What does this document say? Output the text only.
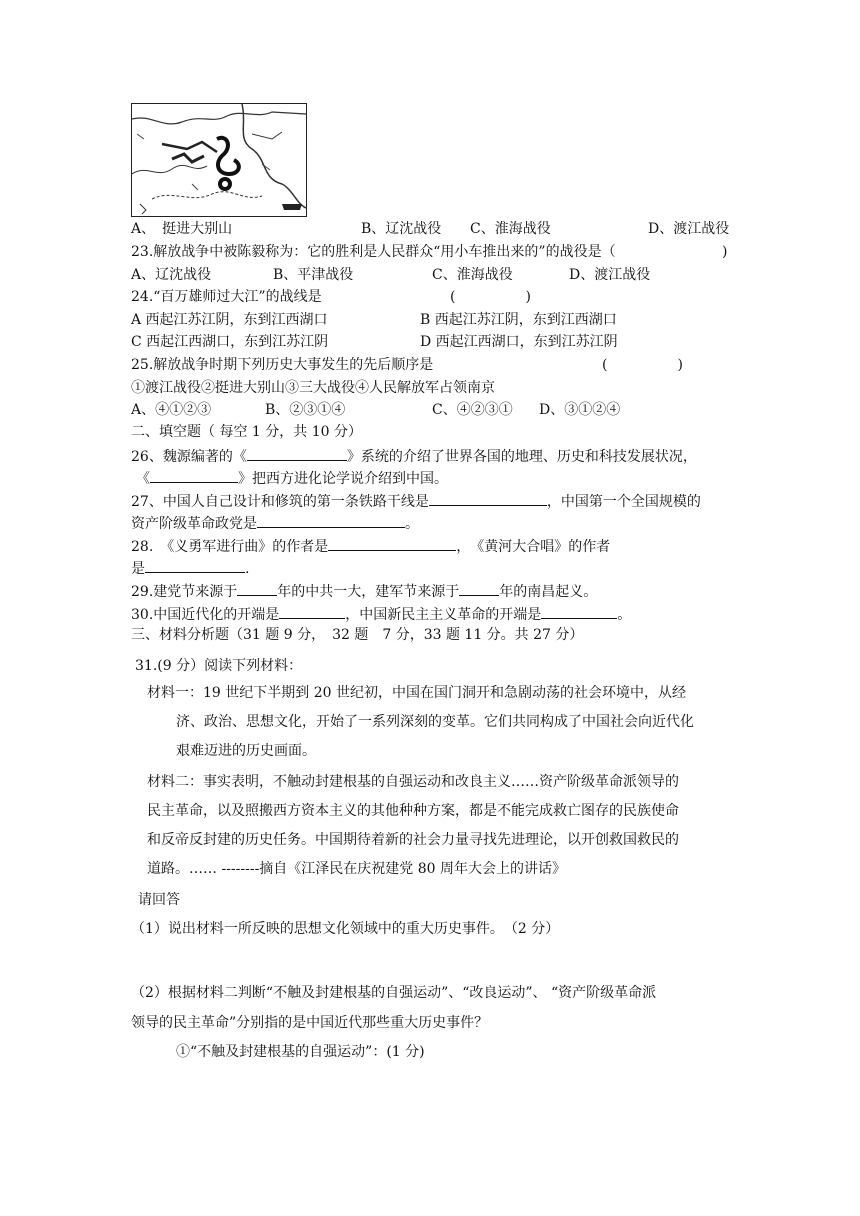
A、　挺进大别山	B、辽沈战役 C、淮海战役	D、渡江战役
23.解放战争中被陈毅称为：它的胜利是人民群众“用小车推出来的”的战役是（	)
A、辽沈战役	B、平津战役	C、淮海战役	D、渡江战役
24.“百万雄师过大江”的战线是	(　　　　　)
A 西起江苏江阴，东到江西湖口	B 西起江苏江阴，东到江西湖口
C 西起江西湖口，东到江苏江阴	D 西起江西湖口，东到江苏江阴
25.解放战争时期下列历史大事发生的先后顺序是	(　　　　　)
①渡江战役②挺进大别山③三大战役④人民解放军占领南京
A、④①②③	B、②③①④	C、④②③① D、③①②④
二、填空题（ 每空 1 分，共 10 分）
26、魏源编著的《	》系统的介绍了世界各国的地理、历史和科技发展状况，
《	》把西方进化论学说介绍到中国。
27、中国人自己设计和修筑的第一条铁路干线是	，中国第一个全国规模的
资产阶级革命政党是	。
28.　《义勇军进行曲》的作者是	，　《黄河大合唱》的作者
是	.
29.建党节来源于	年的中共一大，建军节来源于	年的南昌起义。
30.中国近代化的开端是	，中国新民主主义革命的开端是	。
三、材料分析题（31 题 9 分，　32 题　7 分，33 题 11 分。共 27 分）
31.(9 分）阅读下列材料：
材料一：19 世纪下半期到 20 世纪初，中国在国门洞开和急剧动荡的社会环境中，从经
济、政治、思想文化，开始了一系列深刻的变革。它们共同构成了中国社会向近代化
艰难迈进的历史画面。
材料二：事实表明，不触动封建根基的自强运动和改良主义……资产阶级革命派领导的
民主革命，以及照搬西方资本主义的其他种种方案，都是不能完成救亡图存的民族使命
和反帝反封建的历史任务。中国期待着新的社会力量寻找先进理论，以开创救国救民的
道路。…… --------摘自《江泽民在庆祝建党 80 周年大会上的讲话》
请回答
（1）说出材料一所反映的思想文化领域中的重大历史事件。　（2 分）
（2）根据材料二判断“不触及封建根基的自强运动”、“改良运动”、 “资产阶级革命派
领导的民主革命”分别指的是中国近代那些重大历史事件？
①“不触及封建根基的自强运动”：(1 分)
